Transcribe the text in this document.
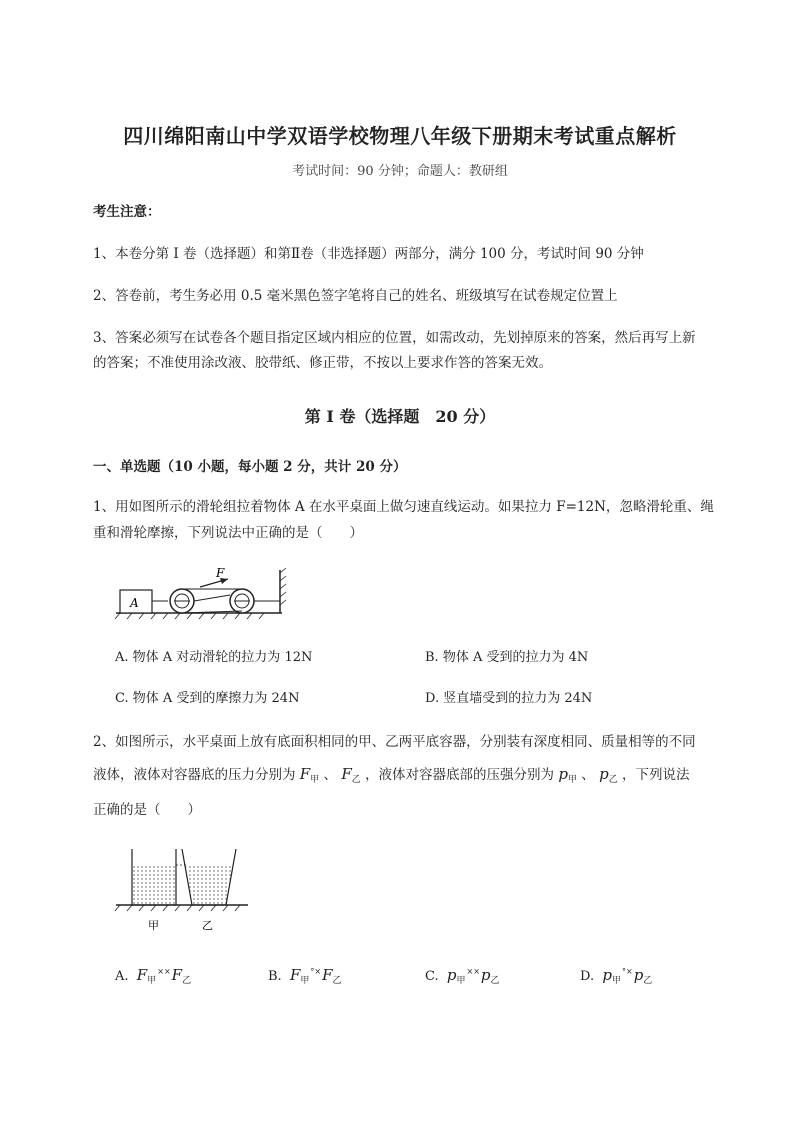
四川绵阳南山中学双语学校物理八年级下册期末考试重点解析
考试时间：90 分钟；命题人：教研组
考生注意：
1、本卷分第 I 卷（选择题）和第Ⅱ卷（非选择题）两部分，满分 100 分，考试时间 90 分钟
2、答卷前，考生务必用 0.5 毫米黑色签字笔将自己的姓名、班级填写在试卷规定位置上
3、答案必须写在试卷各个题目指定区域内相应的位置，如需改动，先划掉原来的答案，然后再写上新
的答案；不准使用涂改液、胶带纸、修正带，不按以上要求作答的答案无效。
第 I 卷（选择题　20 分）
一、单选题（10 小题，每小题 2 分，共计 20 分）
1、用如图所示的滑轮组拉着物体 A 在水平桌面上做匀速直线运动。如果拉力 F=12N，忽略滑轮重、绳
重和滑轮摩擦，下列说法中正确的是（　　）
A
F
A. 物体 A 对动滑轮的拉力为 12N	B. 物体 A 受到的拉力为 4N
C. 物体 A 受到的摩擦力为 24N	D. 竖直墙受到的拉力为 24N
2、如图所示，水平桌面上放有底面积相同的甲、乙两平底容器，分别装有深度相同、质量相等的不同
液体，液体对容器底的压力分别为 $F_甲$ 、 $F_乙$ ，液体对容器底部的压强分别为 $p_甲$ 、 $p_乙$ ，下列说法
正确的是（　　）
甲	乙
A. $F_甲^{\times\times}F_乙$	B. $F_甲^{^\circ\times}F_乙$	C. $p_甲^{\times\times}p_乙$	D. $p_甲^{^\circ\times}p_乙$
